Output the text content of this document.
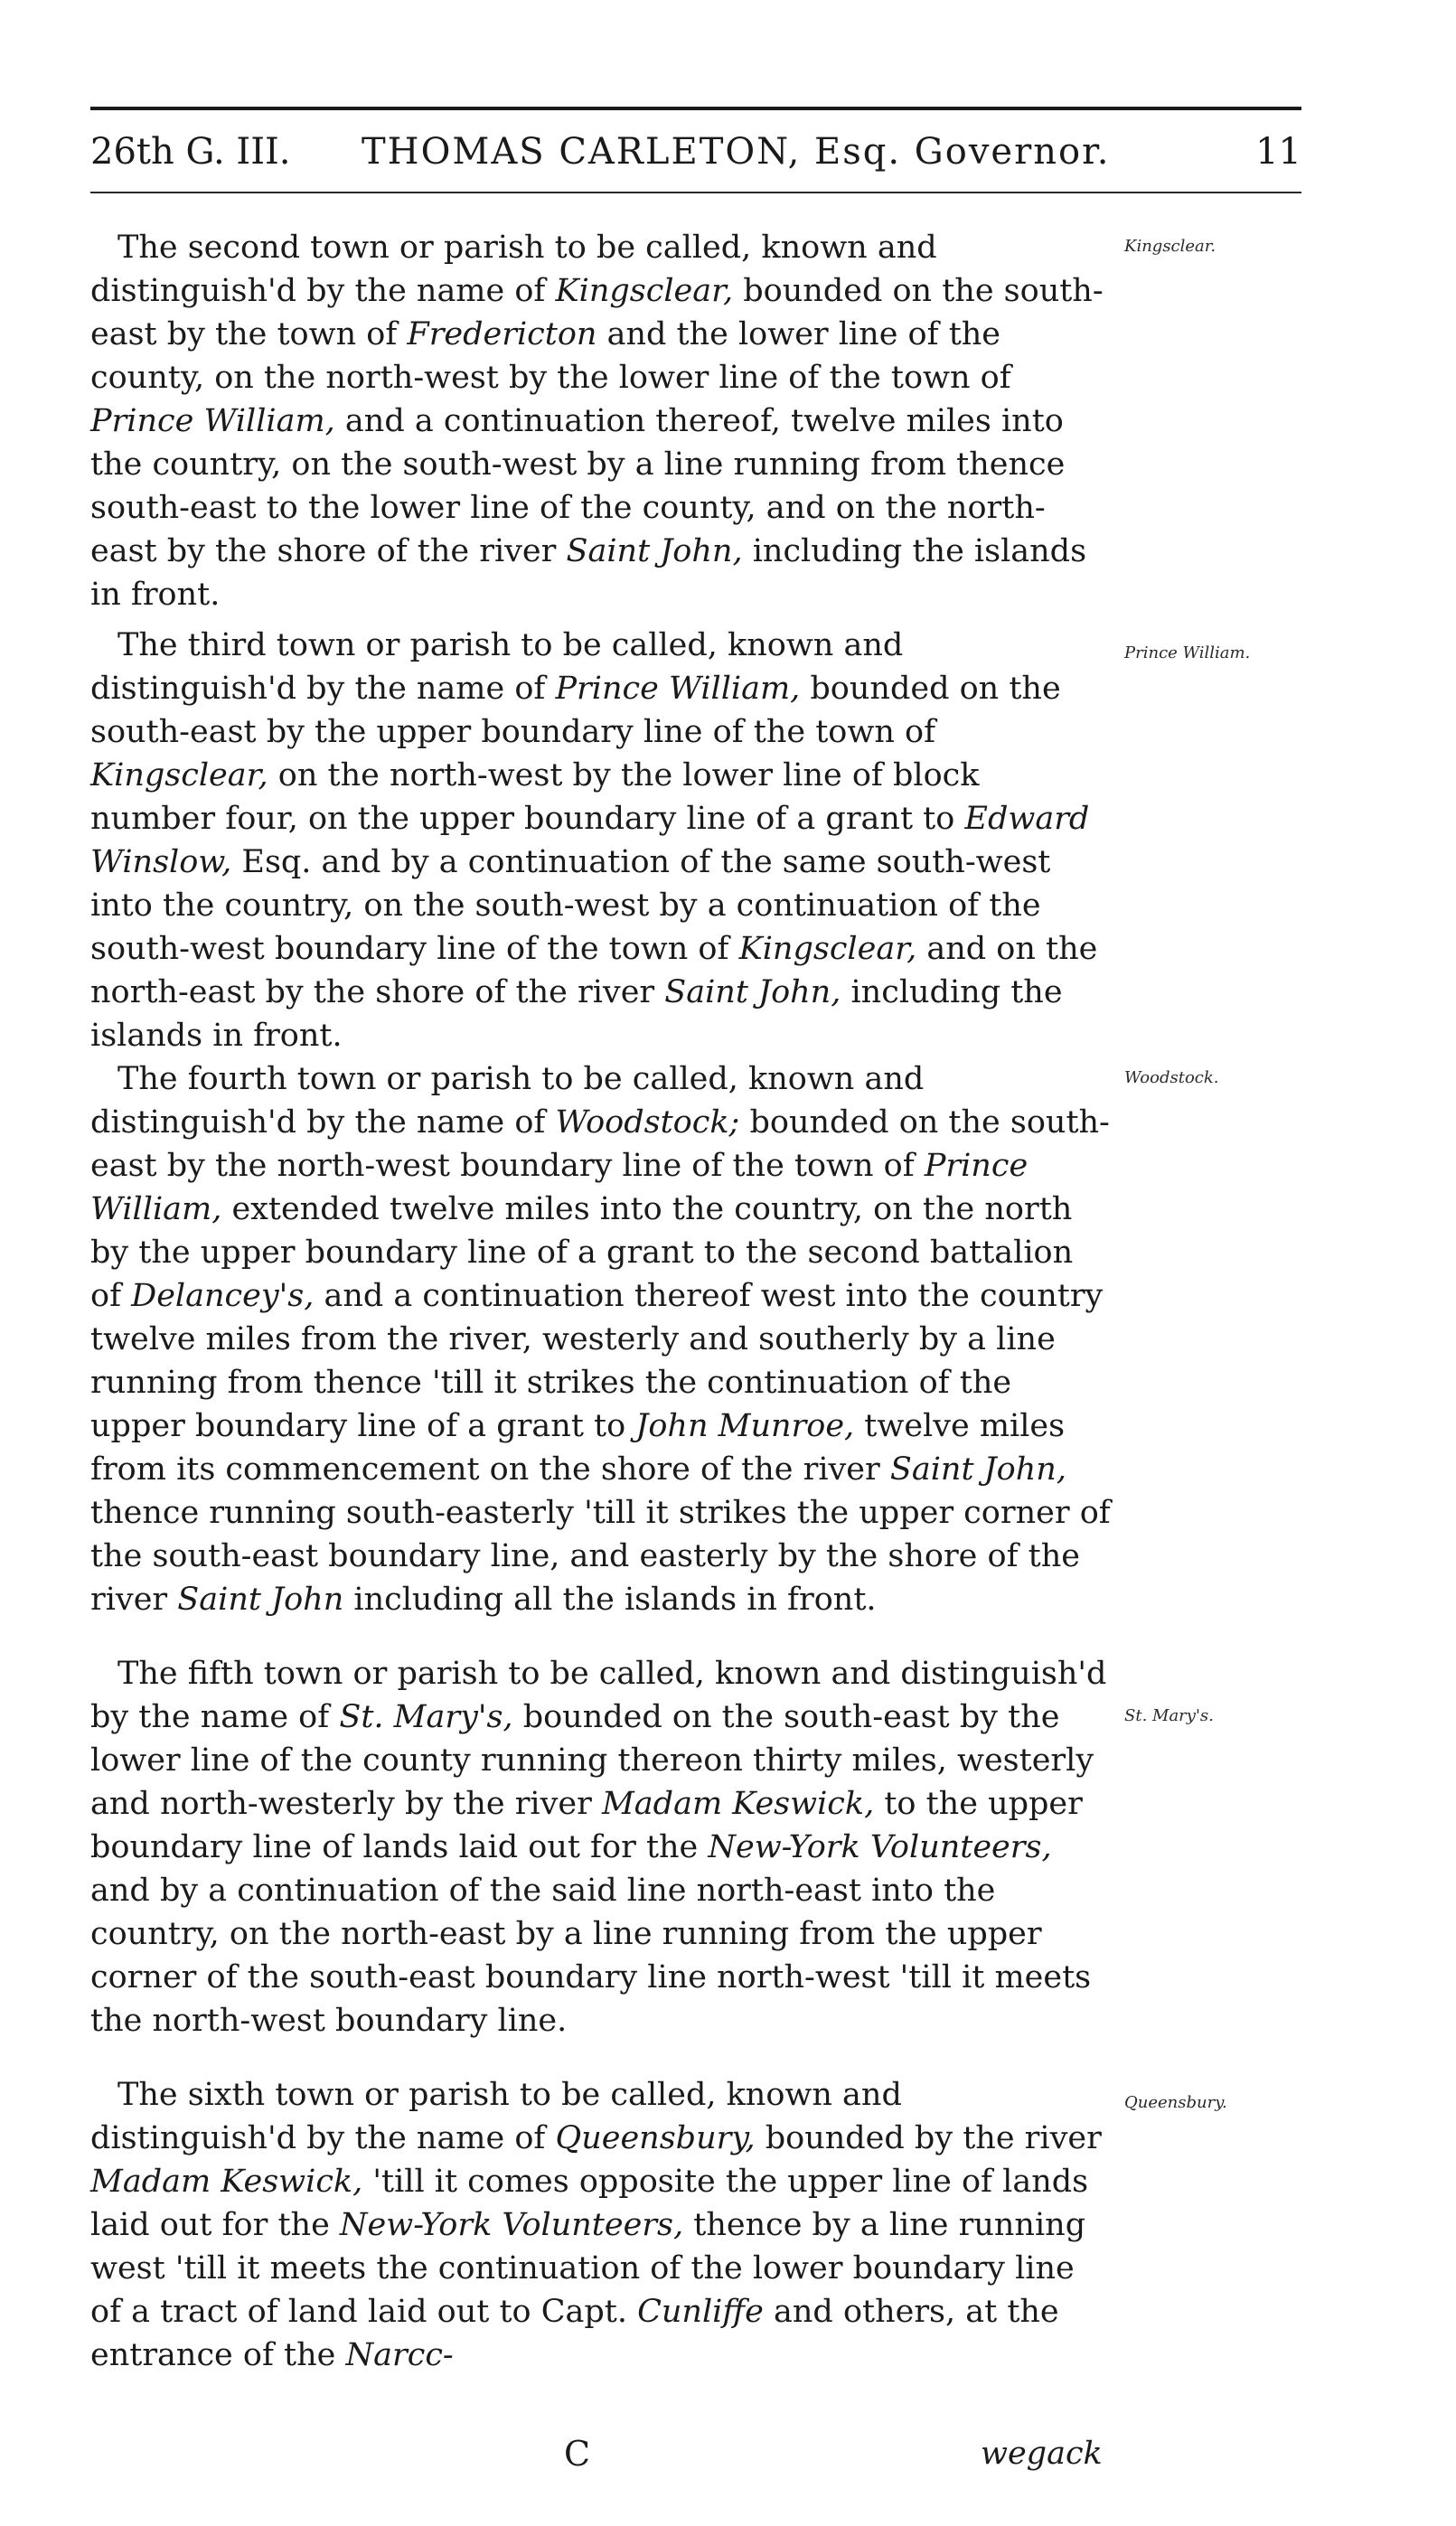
26th G. III. THOMAS CARLETON, Esq. Governor.	11

The second town or parish to be called, known and distinguish'd by the name of Kingsclear, bounded on the south-east by the town of Fredericton and the lower line of the county, on the north-west by the lower line of the town of Prince William, and a continuation thereof, twelve miles into the country, on the south-west by a line running from thence south-east to the lower line of the county, and on the north-east by the shore of the river Saint John, including the islands in front.

Kingsclear.

The third town or parish to be called, known and distinguish'd by the name of Prince William, bounded on the south-east by the upper boundary line of the town of Kingsclear, on the north-west by the lower line of block number four, on the upper boundary line of a grant to Edward Winslow, Esq. and by a continuation of the same south-west into the country, on the south-west by a continuation of the south-west boundary line of the town of Kingsclear, and on the north-east by the shore of the river Saint John, including the islands in front.

Prince William.

The fourth town or parish to be called, known and distinguish'd by the name of Woodstock; bounded on the south-east by the north-west boundary line of the town of Prince William, extended twelve miles into the country, on the north by the upper boundary line of a grant to the second battalion of Delancey's, and a continuation thereof west into the country twelve miles from the river, westerly and southerly by a line running from thence 'till it strikes the continuation of the upper boundary line of a grant to John Munroe, twelve miles from its commencement on the shore of the river Saint John, thence running south-easterly 'till it strikes the upper corner of the south-east boundary line, and easterly by the shore of the river Saint John including all the islands in front.

Woodstock.

The fifth town or parish to be called, known and distinguish'd by the name of St. Mary's, bounded on the south-east by the lower line of the county running thereon thirty miles, westerly and north-westerly by the river Madam Keswick, to the upper boundary line of lands laid out for the New-York Volunteers, and by a continuation of the said line north-east into the country, on the north-east by a line running from the upper corner of the south-east boundary line north-west 'till it meets the north-west boundary line.

St. Mary's.

The sixth town or parish to be called, known and distinguish'd by the name of Queensbury, bounded by the river Madam Keswick, 'till it comes opposite the upper line of lands laid out for the New-York Volunteers, thence by a line running west 'till it meets the continuation of the lower boundary line of a tract of land laid out to Capt. Cunliffe and others, at the entrance of the Narcc-

Queensbury.
C	wegack
